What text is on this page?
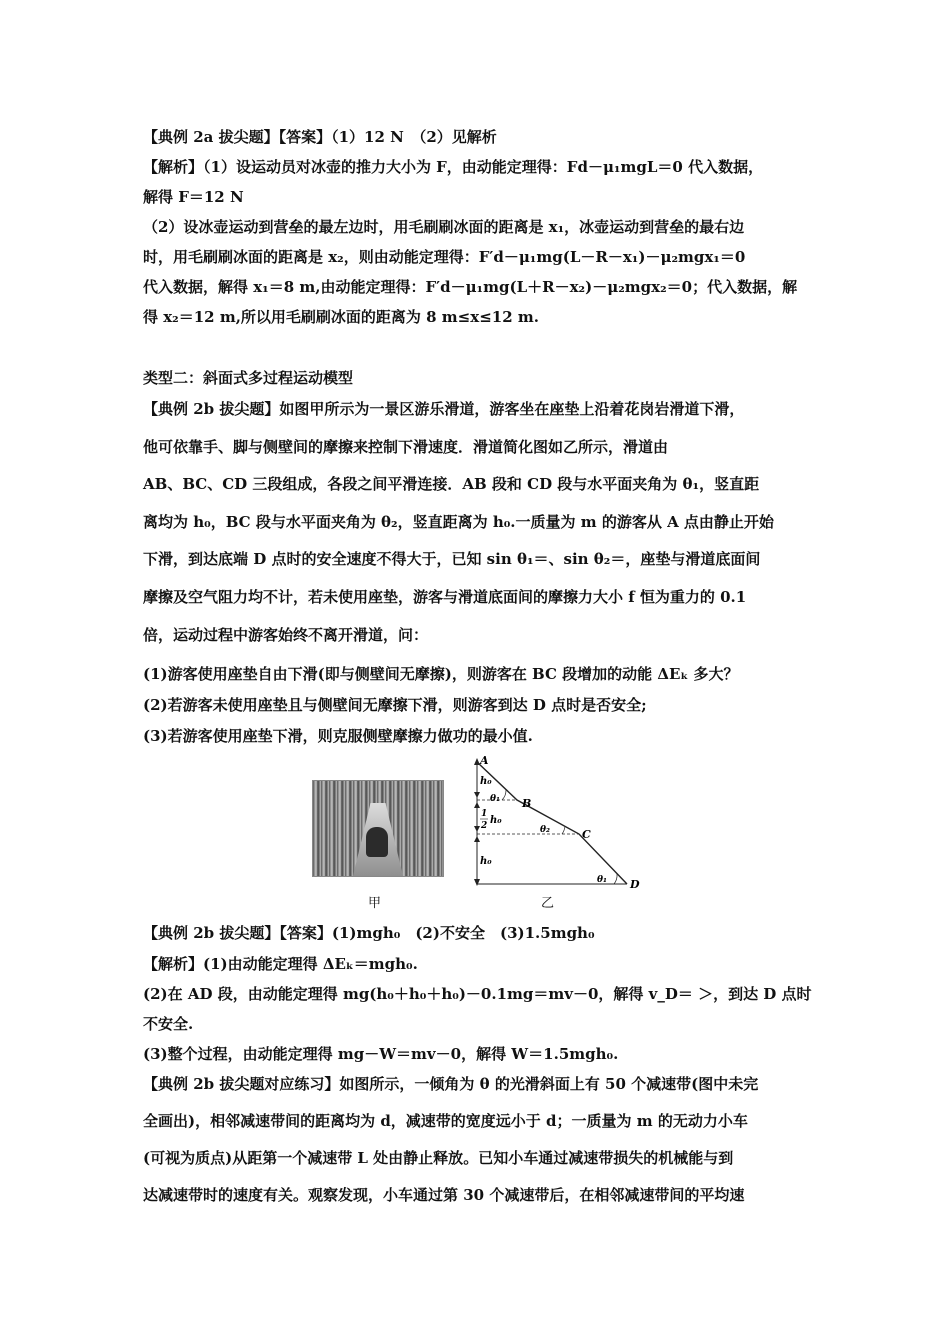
【典例 2a 拔尖题】【答案】（1）12 N　（2）见解析
【解析】（1）设运动员对冰壶的推力大小为 F，由动能定理得：Fd－μ₁mgL＝0 代入数据，
解得 F＝12 N
（2）设冰壶运动到营垒的最左边时，用毛刷刷冰面的距离是 x₁，冰壶运动到营垒的最右边
时，用毛刷刷冰面的距离是 x₂，则由动能定理得：F′d－μ₁mg(L－R－x₁)－μ₂mgx₁＝0
代入数据，解得 x₁＝8 m,由动能定理得：F′d－μ₁mg(L＋R－x₂)－μ₂mgx₂＝0；代入数据，解
得 x₂＝12 m,所以用毛刷刷冰面的距离为 8 m≤x≤12 m.
类型二：斜面式多过程运动模型
【典例 2b 拔尖题】如图甲所示为一景区游乐滑道，游客坐在座垫上沿着花岗岩滑道下滑，
他可依靠手、脚与侧壁间的摩擦来控制下滑速度．滑道简化图如乙所示，滑道由
AB、BC、CD 三段组成，各段之间平滑连接．AB 段和 CD 段与水平面夹角为 θ₁，竖直距
离均为 h₀，BC 段与水平面夹角为 θ₂，竖直距离为 h₀.一质量为 m 的游客从 A 点由静止开始
下滑，到达底端 D 点时的安全速度不得大于，已知 sin θ₁＝、sin θ₂＝，座垫与滑道底面间
摩擦及空气阻力均不计，若未使用座垫，游客与滑道底面间的摩擦力大小 f 恒为重力的 0.1
倍，运动过程中游客始终不离开滑道，问：
(1)游客使用座垫自由下滑(即与侧壁间无摩擦)，则游客在 BC 段增加的动能 ΔEₖ 多大？
(2)若游客未使用座垫且与侧壁间无摩擦下滑，则游客到达 D 点时是否安全;
(3)若游客使用座垫下滑，则克服侧壁摩擦力做功的最小值.
甲
A
B
C
D
h₀
1
2 h₀
h₀
θ₁
θ₂
θ₁
乙
【典例 2b 拔尖题】【答案】(1)mgh₀　(2)不安全　(3)1.5mgh₀
【解析】(1)由动能定理得 ΔEₖ＝mgh₀.
(2)在 AD 段，由动能定理得 mg(h₀＋h₀＋h₀)－0.1mg＝mv－0，解得 v_D＝ ＞，到达 D 点时
不安全.
(3)整个过程，由动能定理得 mg－W＝mv－0，解得 W＝1.5mgh₀.
【典例 2b 拔尖题对应练习】如图所示，一倾角为 θ 的光滑斜面上有 50 个减速带(图中未完
全画出)，相邻减速带间的距离均为 d，减速带的宽度远小于 d；一质量为 m 的无动力小车
(可视为质点)从距第一个减速带 L 处由静止释放。已知小车通过减速带损失的机械能与到
达减速带时的速度有关。观察发现，小车通过第 30 个减速带后，在相邻减速带间的平均速
